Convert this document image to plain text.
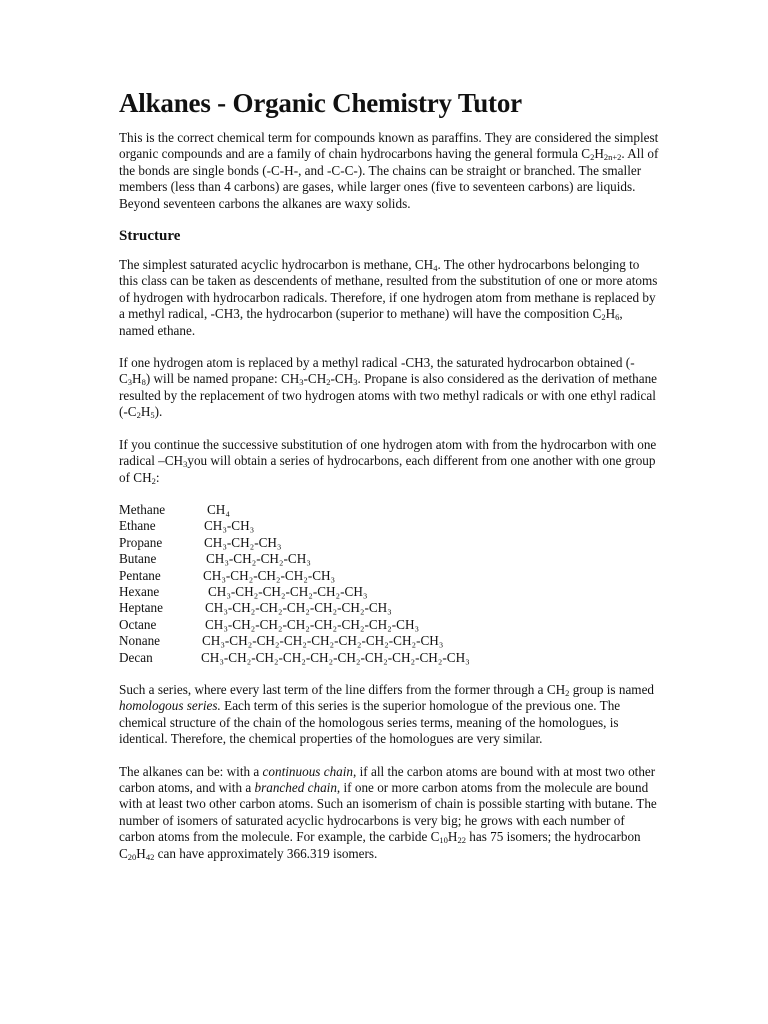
Alkanes - Organic Chemistry Tutor

This is the correct chemical term for compounds known as paraffins. They are considered the simplest organic compounds and are a family of chain hydrocarbons having the general formula $C_2H_{2n+2}$. All of the bonds are single bonds (-C-H-, and -C-C-). The chains can be straight or branched. The smaller members (less than 4 carbons) are gases, while larger ones (five to seventeen carbons) are liquids. Beyond seventeen carbons the alkanes are waxy solids.

Structure

The simplest saturated acyclic hydrocarbon is methane, $CH_4$. The other hydrocarbons belonging to this class can be taken as descendents of methane, resulted from the substitution of one or more atoms of hydrogen with hydrocarbon radicals. Therefore, if one hydrogen atom from methane is replaced by a methyl radical, -CH3, the hydrocarbon (superior to methane) will have the composition $C_2H_6$, named ethane.

If one hydrogen atom is replaced by a methyl radical -CH3, the saturated hydrocarbon obtained $(-C_3H_8)$ will be named propane: $CH_3-CH_2-CH_3$. Propane is also considered as the derivation of methane resulted by the replacement of two hydrogen atoms with two methyl radicals or with one ethyl radical $(-C_2H_5)$.

If you continue the successive substitution of one hydrogen atom with from the hydrocarbon with one radical $-CH_3you$ will obtain a series of hydrocarbons, each different from one another with one group of $CH_2$:

Methane	CH₄
Ethane	CH₃-CH₃
Propane	CH₃-CH₂-CH₃
Butane	CH₃-CH₂-CH₂-CH₃
Pentane	CH₃-CH₂-CH₂-CH₂-CH₃
Hexane	CH₃-CH₂-CH₂-CH₂-CH₂-CH₃
Heptane	CH₃-CH₂-CH₂-CH₂-CH₂-CH₂-CH₃
Octane	CH₃-CH₂-CH₂-CH₂-CH₂-CH₂-CH₂-CH₃
Nonane	CH₃-CH₂-CH₂-CH₂-CH₂-CH₂-CH₂-CH₂-CH₃
Decan	CH₃-CH₂-CH₂-CH₂-CH₂-CH₂-CH₂-CH₂-CH₂-CH₃

Such a series, where every last term of the line differs from the former through a $CH_2$ group is named homologous series. Each term of this series is the superior homologue of the previous one. The chemical structure of the chain of the homologous series terms, meaning of the homologues, is identical. Therefore, the chemical properties of the homologues are very similar.

The alkanes can be: with a continuous chain, if all the carbon atoms are bound with at most two other carbon atoms, and with a branched chain, if one or more carbon atoms from the molecule are bound with at least two other carbon atoms. Such an isomerism of chain is possible starting with butane. The number of isomers of saturated acyclic hydrocarbons is very big; he grows with each number of carbon atoms from the molecule. For example, the carbide $C_{10}H_{22}$ has 75 isomers; the hydrocarbon $C_{20}H_{42}$ can have approximately 366.319 isomers.
